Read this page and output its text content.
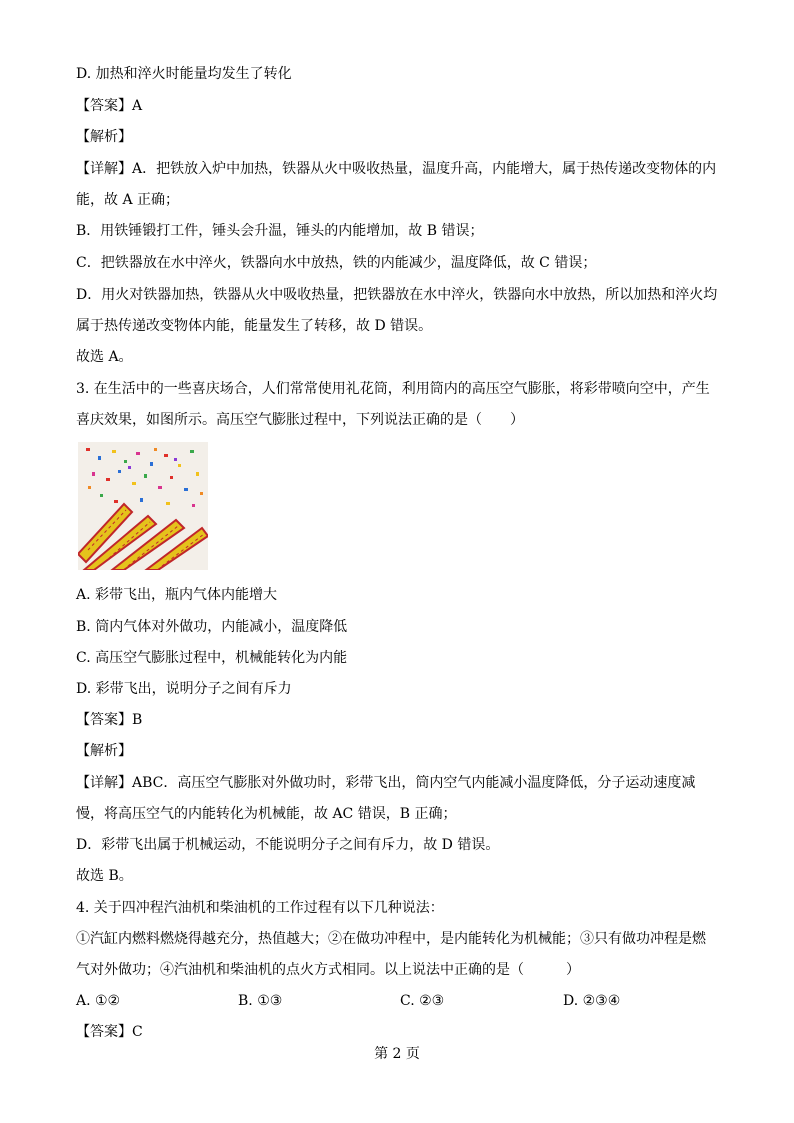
D. 加热和淬火时能量均发生了转化
【答案】A
【解析】
【详解】A．把铁放入炉中加热，铁器从火中吸收热量，温度升高，内能增大，属于热传递改变物体的内
能，故 A 正确；
B．用铁锤锻打工件，锤头会升温，锤头的内能增加，故 B 错误；
C．把铁器放在水中淬火，铁器向水中放热，铁的内能减少，温度降低，故 C 错误；
D．用火对铁器加热，铁器从火中吸收热量，把铁器放在水中淬火，铁器向水中放热，所以加热和淬火均
属于热传递改变物体内能，能量发生了转移，故 D 错误。
故选 A。
3. 在生活中的一些喜庆场合，人们常常使用礼花筒，利用筒内的高压空气膨胀，将彩带喷向空中，产生
喜庆效果，如图所示。高压空气膨胀过程中，下列说法正确的是（　　）
A. 彩带飞出，瓶内气体内能增大
B. 筒内气体对外做功，内能减小，温度降低
C. 高压空气膨胀过程中，机械能转化为内能
D. 彩带飞出，说明分子之间有斥力
【答案】B
【解析】
【详解】ABC．高压空气膨胀对外做功时，彩带飞出，筒内空气内能减小温度降低，分子运动速度减
慢，将高压空气的内能转化为机械能，故 AC 错误，B 正确；
D．彩带飞出属于机械运动，不能说明分子之间有斥力，故 D 错误。
故选 B。
4. 关于四冲程汽油机和柴油机的工作过程有以下几种说法：
①汽缸内燃料燃烧得越充分，热值越大；②在做功冲程中，是内能转化为机械能；③只有做功冲程是燃
气对外做功；④汽油机和柴油机的点火方式相同。以上说法中正确的是（　　　）
A. ①②	B. ①③	C. ②③	D. ②③④
【答案】C
第 2 页
